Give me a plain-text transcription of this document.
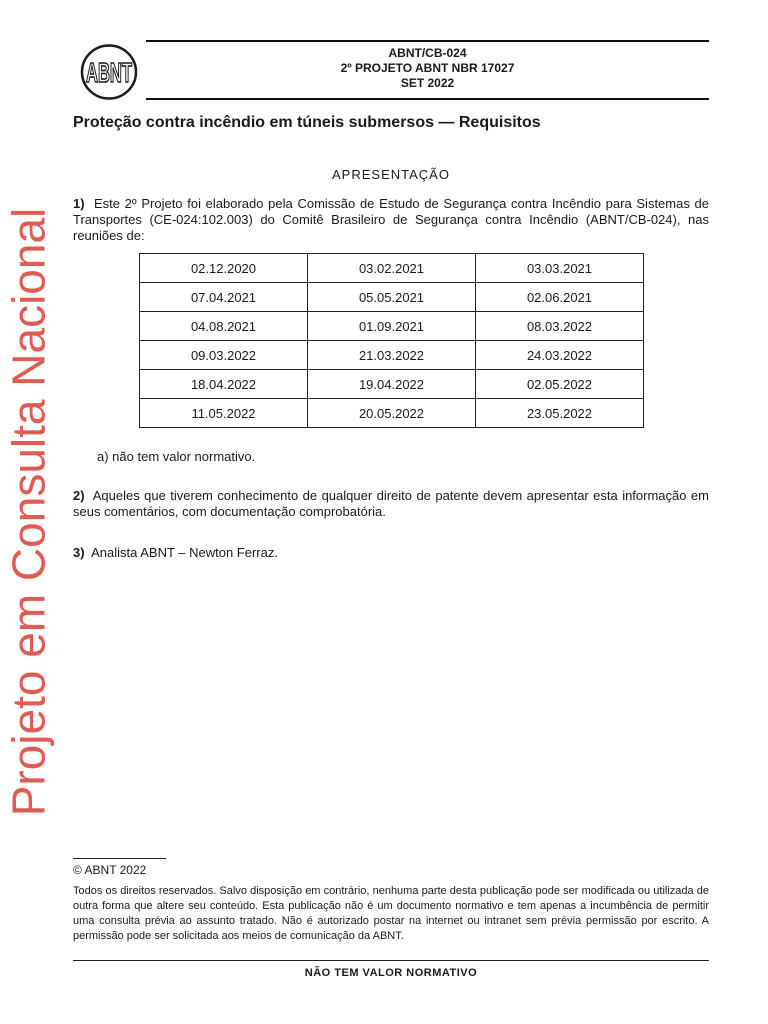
Projeto em Consulta Nacional
ABNT
ABNT/CB-024
2º PROJETO ABNT NBR 17027
SET 2022
Proteção contra incêndio em túneis submersos — Requisitos
APRESENTAÇÃO
1) Este 2º Projeto foi elaborado pela Comissão de Estudo de Segurança contra Incêndio para Sistemas de Transportes (CE-024:102.003) do Comitê Brasileiro de Segurança contra Incêndio (ABNT/CB-024), nas reuniões de:
02.12.2020	03.02.2021	03.03.2021
07.04.2021	05.05.2021	02.06.2021
04.08.2021	01.09.2021	08.03.2022
09.03.2022	21.03.2022	24.03.2022
18.04.2022	19.04.2022	02.05.2022
11.05.2022	20.05.2022	23.05.2022
a) não tem valor normativo.
2) Aqueles que tiverem conhecimento de qualquer direito de patente devem apresentar esta informação em seus comentários, com documentação comprobatória.
3) Analista ABNT – Newton Ferraz.
© ABNT 2022
Todos os direitos reservados. Salvo disposição em contrário, nenhuma parte desta publicação pode ser modificada ou utilizada de outra forma que altere seu conteúdo. Esta publicação não é um documento normativo e tem apenas a incumbência de permitir uma consulta prévia ao assunto tratado. Não é autorizado postar na internet ou intranet sem prévia permissão por escrito. A permissão pode ser solicitada aos meios de comunicação da ABNT.
NÃO TEM VALOR NORMATIVO
